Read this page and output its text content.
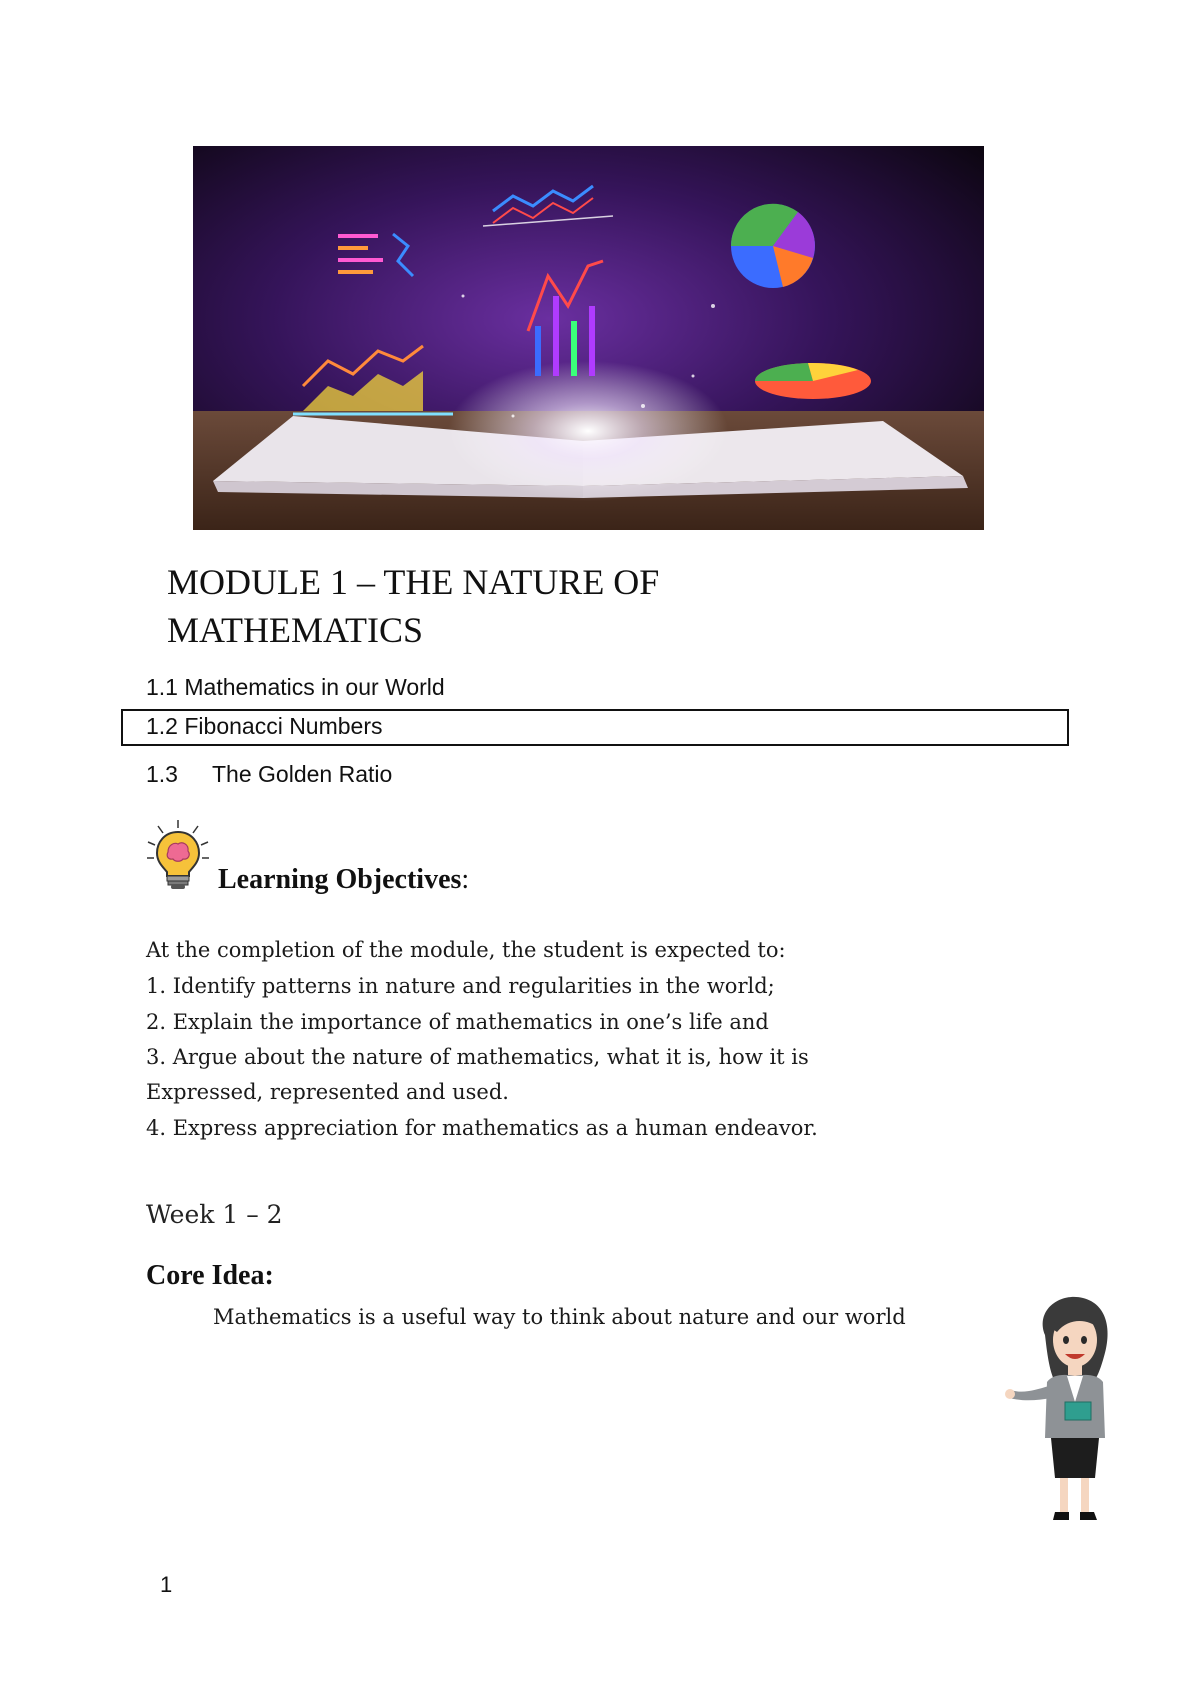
MODULE 1 – THE NATURE OF
MATHEMATICS
1.1 Mathematics in our World
1.2 Fibonacci Numbers
1.3 The Golden Ratio
Learning Objectives:
At the completion of the module, the student is expected to:
1. Identify patterns in nature and regularities in the world;
2. Explain the importance of mathematics in one’s life and
3. Argue about the nature of mathematics, what it is, how it is
Expressed, represented and used.
4. Express appreciation for mathematics as a human endeavor.
Week 1 – 2
Core Idea:
Mathematics is a useful way to think about nature and our world
1
